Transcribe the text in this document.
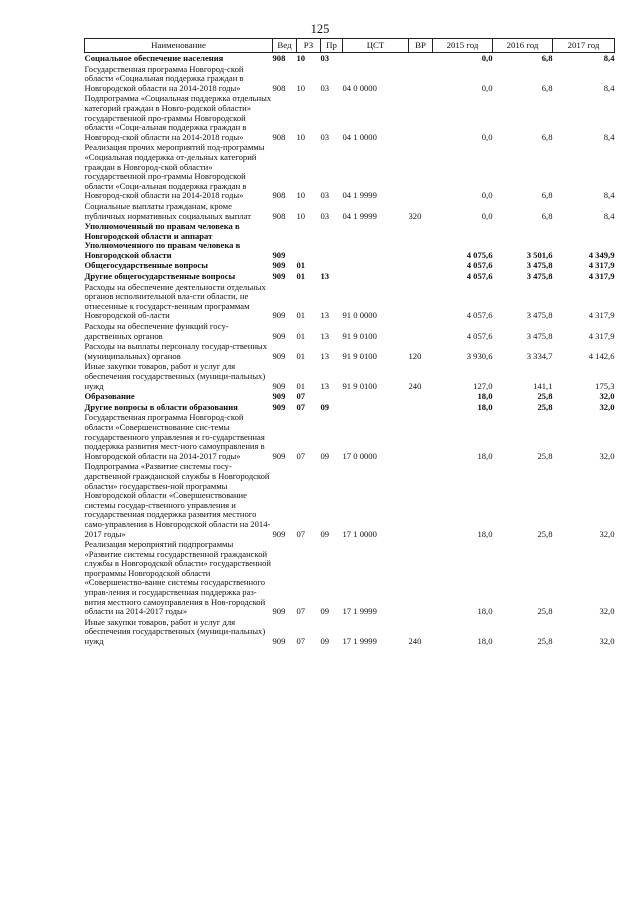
125
Наименование	Вед	РЗ	Пр	ЦСТ	ВР	2015 год	2016 год	2017 год
Социальное обеспечение населения	908	10	03			0,0	6,8	8,4
Государственная программа Новгород-ской области «Социальная поддержка граждан в Новгородской области на 2014-2018 годы»	908	10	03	04 0 0000		0,0	6,8	8,4
Подпрограмма «Социальная поддержка отдельных категорий граждан в Новго-родской области» государственной про-граммы Новгородской области «Соци-альная поддержка граждан в Новгород-ской области на 2014-2018 годы»	908	10	03	04 1 0000		0,0	6,8	8,4
Реализация прочих мероприятий под-программы «Социальная поддержка от-дельных категорий граждан в Новгород-ской области» государственной про-граммы Новгородской области «Соци-альная поддержка граждан в Новгород-ской области на 2014-2018 годы»	908	10	03	04 1 9999		0,0	6,8	8,4
Социальные выплаты гражданам, кроме публичных нормативных социальных выплат	908	10	03	04 1 9999	320	0,0	6,8	8,4
Уполномоченный по правам человека в Новгородской области и аппарат Уполномоченного по правам человека в Новгородской области	909					4 075,6	3 501,6	4 349,9
Общегосударственные вопросы	909	01				4 057,6	3 475,8	4 317,9
Другие общегосударственные вопросы	909	01	13			4 057,6	3 475,8	4 317,9
Расходы на обеспечение деятельности отдельных органов исполнительной вла-сти области, не отнесенные к государст-венным программам Новгородской об-ласти	909	01	13	91 0 0000		4 057,6	3 475,8	4 317,9
Расходы на обеспечение функций госу-дарственных органов	909	01	13	91 9 0100		4 057,6	3 475,8	4 317,9
Расходы на выплаты персоналу государ-ственных (муниципальных) органов	909	01	13	91 9 0100	120	3 930,6	3 334,7	4 142,6
Иные закупки товаров, работ и услуг для обеспечения государственных (муници-пальных) нужд	909	01	13	91 9 0100	240	127,0	141,1	175,3
Образование	909	07				18,0	25,8	32,0
Другие вопросы в области образования	909	07	09			18,0	25,8	32,0
Государственная программа Новгород-ской области «Совершенствование сис-темы государственного управления и го-сударственная поддержка развития мест-ного самоуправления в Новгородской области на 2014-2017 годы»	909	07	09	17 0 0000		18,0	25,8	32,0
Подпрограмма «Развитие системы госу-дарственной гражданской службы в Новгородской области» государствен-ной программы Новгородской области «Совершенствование системы государ-ственного управления и государственная поддержка развития местного само-управления в Новгородской области на 2014-2017 годы»	909	07	09	17 1 0000		18,0	25,8	32,0
Реализация мероприятий подпрограммы «Развитие системы государственной гражданской службы в Новгородской области» государственной программы Новгородской области «Совершенство-вание системы государственного управ-ления и государственная поддержка раз-вития местного самоуправления в Нов-городской области на 2014-2017 годы»	909	07	09	17 1 9999		18,0	25,8	32,0
Иные закупки товаров, работ и услуг для обеспечения государственных (муници-пальных) нужд	909	07	09	17 1 9999	240	18,0	25,8	32,0
